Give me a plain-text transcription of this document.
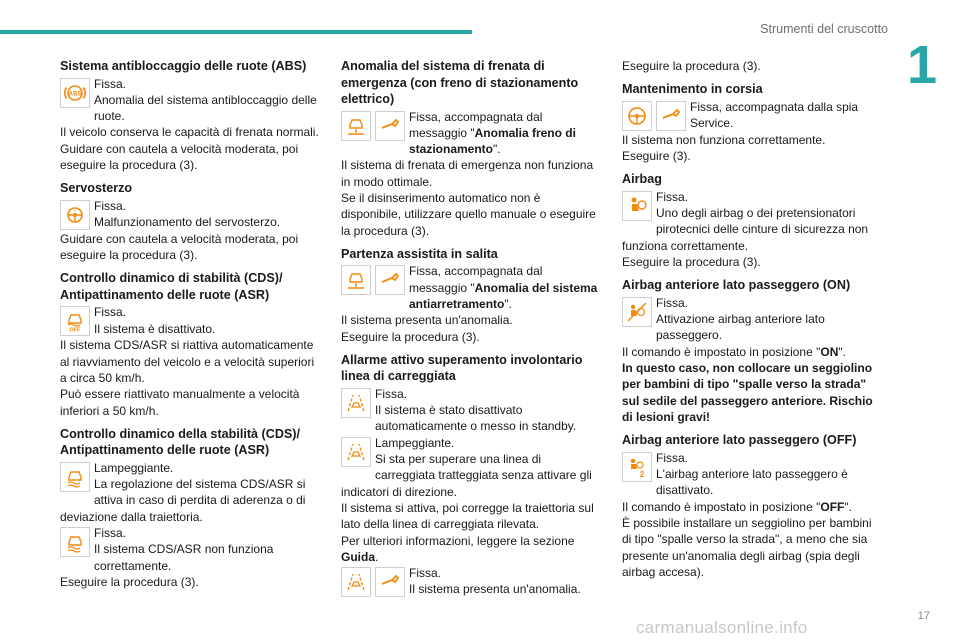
Strumenti del cruscotto
1
Sistema antibloccaggio delle ruote (ABS)
ABS

Fissa.

Anomalia del sistema antibloccaggio delle ruote.

Il veicolo conserva le capacità di frenata normali.

Guidare con cautela a velocità moderata, poi eseguire la procedura (3).

Servosterzo
!	Fissa.

Malfunzionamento del servosterzo.

Guidare con cautela a velocità moderata, poi eseguire la procedura (3).

Controllo dinamico di stabilità (CDS)/ Antipattinamento delle ruote (ASR)
OFF

Fissa.

Il sistema è disattivato.

Il sistema CDS/ASR si riattiva automaticamente al riavviamento del veicolo e a velocità superiori a circa 50 km/h.

Può essere riattivato manualmente a velocità inferiori a 50 km/h.

Controllo dinamico della stabilità (CDS)/ Antipattinamento delle ruote (ASR)

Lampeggiante.

La regolazione del sistema CDS/ASR si attiva in caso di perdita di aderenza o di deviazione dalla traiettoria.

Fissa.

Il sistema CDS/ASR non funziona correttamente.

Eseguire la procedura (3).

Anomalia del sistema di frenata di emergenza (con freno di stazionamento elettrico)

Fissa, accompagnata dal messaggio "Anomalia freno di stazionamento".

Il sistema di frenata di emergenza non funziona in modo ottimale.

Se il disinserimento automatico non è disponibile, utilizzare quello manuale o eseguire la procedura (3).

Partenza assistita in salita

Fissa, accompagnata dal messaggio "Anomalia del sistema antiarretramento".

Il sistema presenta un'anomalia.

Eseguire la procedura (3).

Allarme attivo superamento involontario linea di carreggiata

Fissa.

Il sistema è stato disattivato automaticamente o messo in standby.

Lampeggiante.

Si sta per superare una linea di carreggiata tratteggiata senza attivare gli indicatori di direzione.

Il sistema si attiva, poi corregge la traiettoria sul lato della linea di carreggiata rilevata.

Per ulteriori informazioni, leggere la sezione Guida.

Fissa.

Il sistema presenta un'anomalia.

Eseguire la procedura (3).

Mantenimento in corsia

Fissa, accompagnata dalla spia Service.

Il sistema non funziona correttamente.

Eseguire (3).

Airbag

Fissa.

Uno degli airbag o dei pretensionatori pirotecnici delle cinture di sicurezza non funziona correttamente.

Eseguire la procedura (3).

Airbag anteriore lato passeggero (ON)

Fissa.

Attivazione airbag anteriore lato passeggero.

Il comando è impostato in posizione "ON".

In questo caso, non collocare un seggiolino per bambini di tipo "spalle verso la strada" sul sedile del passeggero anteriore. Rischio di lesioni gravi!

Airbag anteriore lato passeggero (OFF)
2

Fissa.

L'airbag anteriore lato passeggero è disattivato.

Il comando è impostato in posizione "OFF".

È possibile installare un seggiolino per bambini di tipo "spalle verso la strada", a meno che sia presente un'anomalia degli airbag (spia degli airbag accesa).

17
carmanualsonline.info
